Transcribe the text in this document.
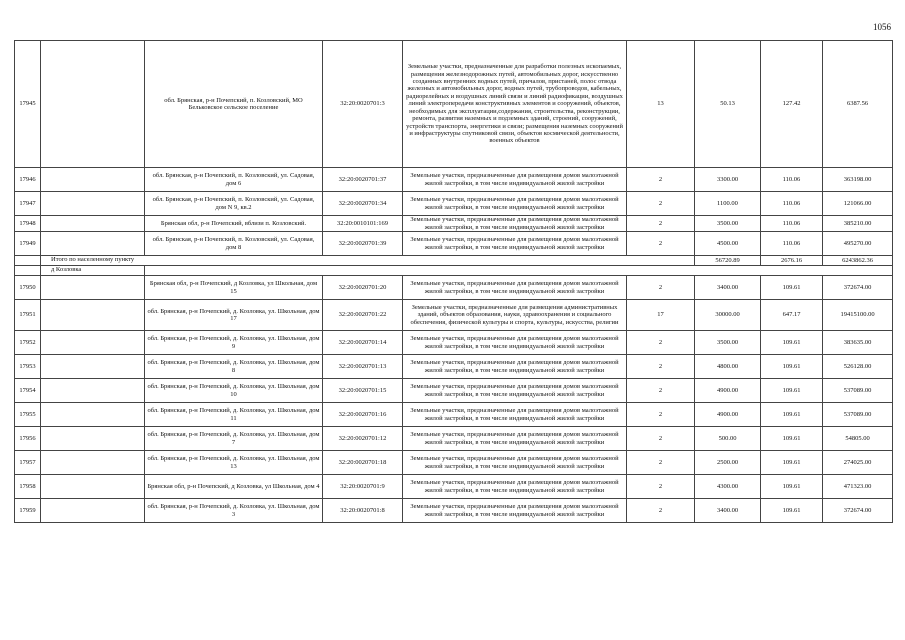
1056
17945		обл. Брянская, р-н Почепский, п. Козловский, МО Бельковское сельское поселение	32:20:0020701:3	Земельные участки, предназначенные для разработки полезных ископаемых, размещения железнодорожных путей, автомобильных дорог, искусственно созданных внутренних водных путей, причалов, пристаней, полос отвода железных и автомобильных дорог, водных путей, трубопроводов, кабельных, радиорелейных и воздушных линий связи и линий радиофикации, воздушных линий электропередачи конструктивных элементов и сооружений, объектов, необходимых для эксплуатации,содержания, строительства, реконструкции, ремонта, развития наземных и подземных зданий, строений, сооружений, устройств транспорта, энергетики и связи; размещения наземных сооружений и инфраструктуры спутниковой связи, объектов космической деятельности, военных объектов	13	50.13	127.42	6387.56
17946		обл. Брянская, р-н Почепский, п. Козловский, ул. Садовая, дом 6	32:20:0020701:37	Земельные участки, предназначенные для размещения домов малоэтажной жилой застройки, в том числе индивидуальной жилой застройки	2	3300.00	110.06	363198.00
17947		обл. Брянская, р-н Почепский, п. Козловский, ул. Садовая, дом N 9, кв.2	32:20:0020701:34	Земельные участки, предназначенные для размещения домов малоэтажной жилой застройки, в том числе индивидуальной жилой застройки	2	1100.00	110.06	121066.00
17948		Брянская обл, р-н Почепский, вблизи п. Козловский.	32:20:0010101:169	Земельные участки, предназначенные для размещения домов малоэтажной жилой застройки, в том числе индивидуальной жилой застройки	2	3500.00	110.06	385210.00
17949		обл. Брянская, р-н Почепский, п. Козловский, ул. Садовая, дом 8	32:20:0020701:39	Земельные участки, предназначенные для размещения домов малоэтажной жилой застройки, в том числе индивидуальной жилой застройки	2	4500.00	110.06	495270.00
	Итого по населенному пункту					56720.89	2676.16	6243862.36
	д Козловка							
17950		Брянская обл, р-н Почепский, д Козловка, ул Школьная, дом 15	32:20:0020701:20	Земельные участки, предназначенные для размещения домов малоэтажной жилой застройки, в том числе индивидуальной жилой застройки	2	3400.00	109.61	372674.00
17951		обл. Брянская, р-н Почепский, д. Козловка, ул. Школьная, дом 17	32:20:0020701:22	Земельные участки, предназначенные для размещения административных зданий, объектов образования, науки, здравоохранения и социального обеспечения, физической культуры и спорта, культуры, искусства, религии	17	30000.00	647.17	19415100.00
17952		обл. Брянская, р-н Почепский, д. Козловка, ул. Школьная, дом 9	32:20:0020701:14	Земельные участки, предназначенные для размещения домов малоэтажной жилой застройки, в том числе индивидуальной жилой застройки	2	3500.00	109.61	383635.00
17953		обл. Брянская, р-н Почепский, д. Козловка, ул. Школьная, дом 8	32:20:0020701:13	Земельные участки, предназначенные для размещения домов малоэтажной жилой застройки, в том числе индивидуальной жилой застройки	2	4800.00	109.61	526128.00
17954		обл. Брянская, р-н Почепский, д. Козловка, ул. Школьная, дом 10	32:20:0020701:15	Земельные участки, предназначенные для размещения домов малоэтажной жилой застройки, в том числе индивидуальной жилой застройки	2	4900.00	109.61	537089.00
17955		обл. Брянская, р-н Почепский, д. Козловка, ул. Школьная, дом 11	32:20:0020701:16	Земельные участки, предназначенные для размещения домов малоэтажной жилой застройки, в том числе индивидуальной жилой застройки	2	4900.00	109.61	537089.00
17956		обл. Брянская, р-н Почепский, д. Козловка, ул. Школьная, дом 7	32:20:0020701:12	Земельные участки, предназначенные для размещения домов малоэтажной жилой застройки, в том числе индивидуальной жилой застройки	2	500.00	109.61	54805.00
17957		обл. Брянская, р-н Почепский, д. Козловка, ул. Школьная, дом 13	32:20:0020701:18	Земельные участки, предназначенные для размещения домов малоэтажной жилой застройки, в том числе индивидуальной жилой застройки	2	2500.00	109.61	274025.00
17958		Брянская обл, р-н Почепский, д Козловка, ул Школьная, дом 4	32:20:0020701:9	Земельные участки, предназначенные для размещения домов малоэтажной жилой застройки, в том числе индивидуальной жилой застройки	2	4300.00	109.61	471323.00
17959		обл. Брянская, р-н Почепский, д. Козловка, ул. Школьная, дом 3	32:20:0020701:8	Земельные участки, предназначенные для размещения домов малоэтажной жилой застройки, в том числе индивидуальной жилой застройки	2	3400.00	109.61	372674.00
